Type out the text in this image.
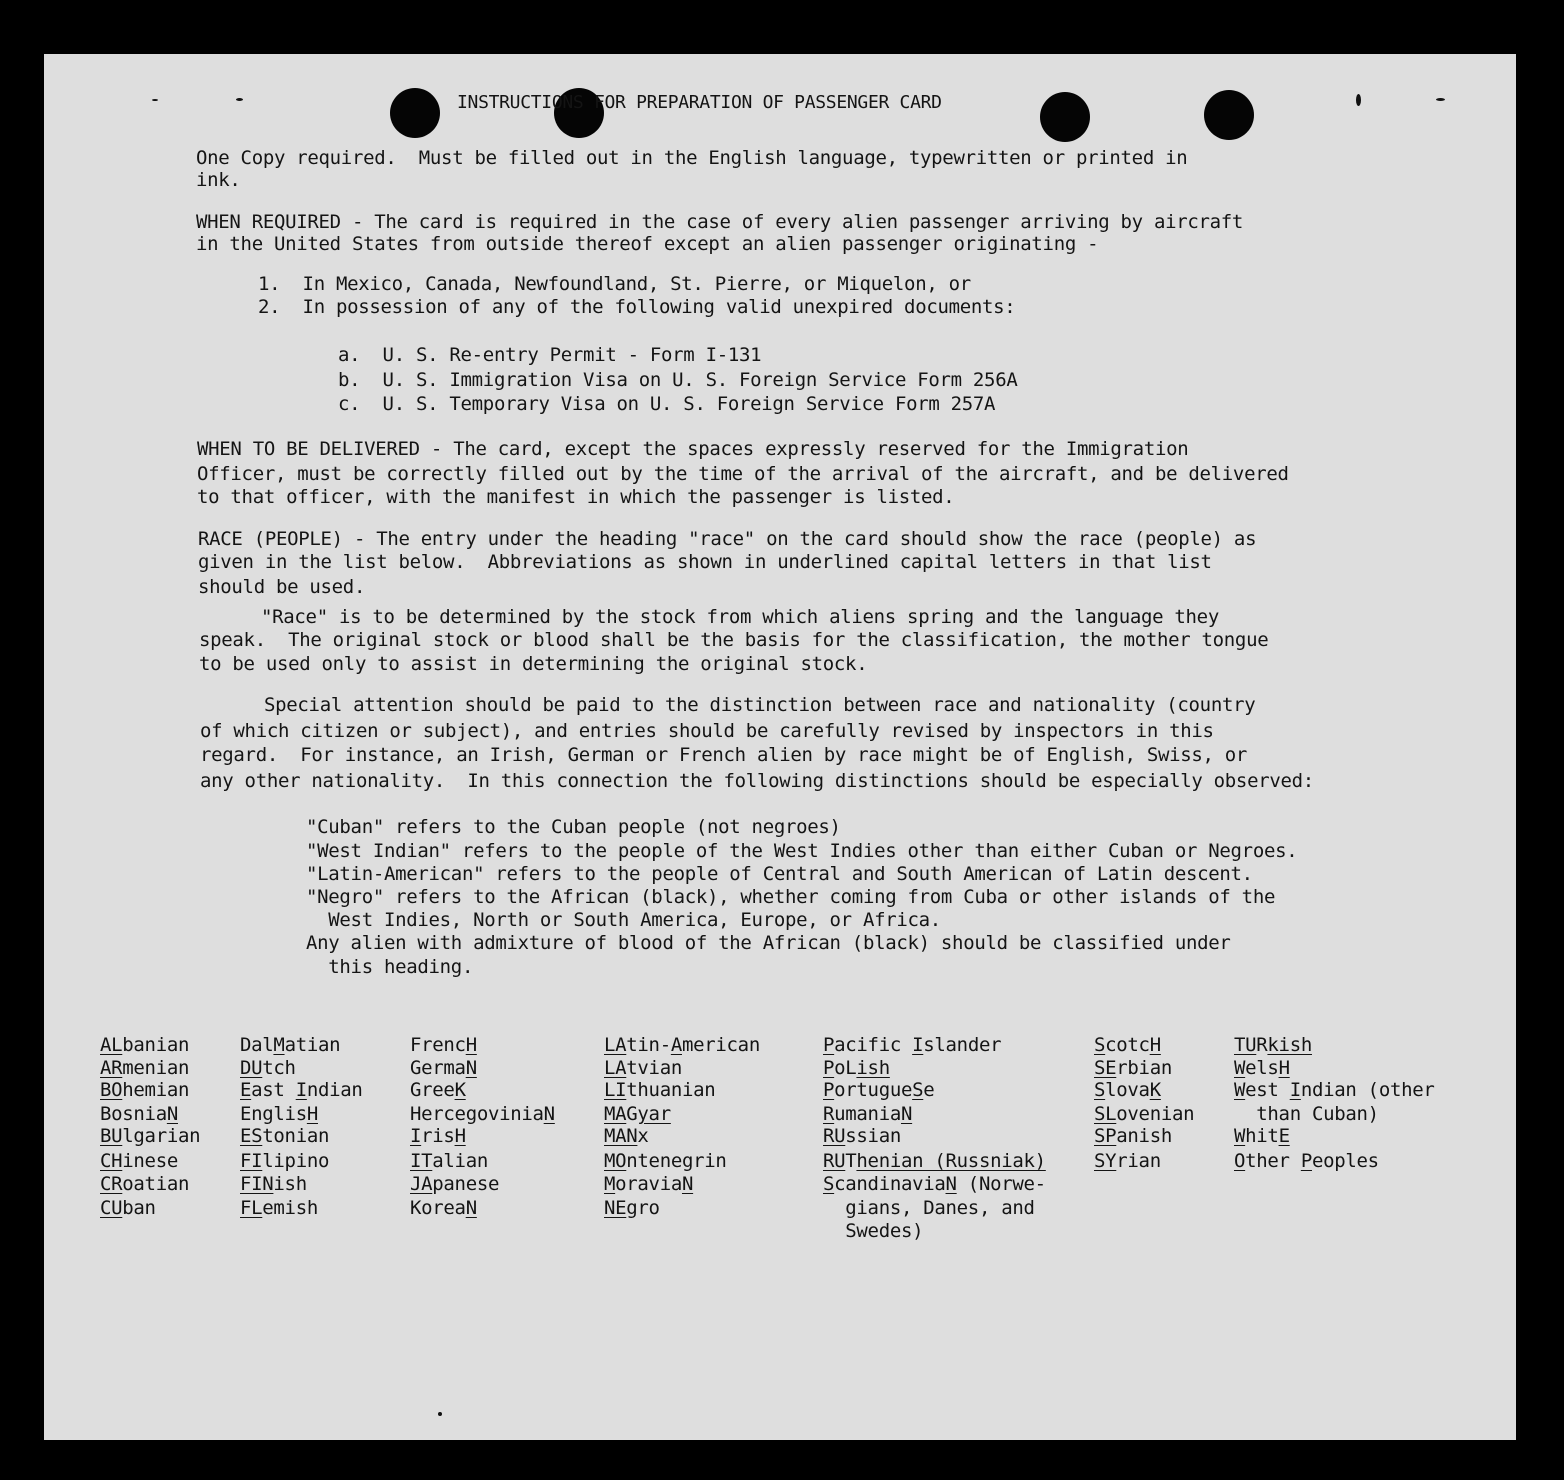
INSTRUCTIONS FOR PREPARATION OF PASSENGER CARD
One Copy required.  Must be filled out in the English language, typewritten or printed in
ink.
WHEN REQUIRED - The card is required in the case of every alien passenger arriving by aircraft
in the United States from outside thereof except an alien passenger originating -
1.  In Mexico, Canada, Newfoundland, St. Pierre, or Miquelon, or
2.  In possession of any of the following valid unexpired documents:
a.  U. S. Re-entry Permit - Form I-131
b.  U. S. Immigration Visa on U. S. Foreign Service Form 256A
c.  U. S. Temporary Visa on U. S. Foreign Service Form 257A
WHEN TO BE DELIVERED - The card, except the spaces expressly reserved for the Immigration
Officer, must be correctly filled out by the time of the arrival of the aircraft, and be delivered
to that officer, with the manifest in which the passenger is listed.
RACE (PEOPLE) - The entry under the heading "race" on the card should show the race (people) as
given in the list below.  Abbreviations as shown in underlined capital letters in that list
should be used.
"Race" is to be determined by the stock from which aliens spring and the language they
speak.  The original stock or blood shall be the basis for the classification, the mother tongue
to be used only to assist in determining the original stock.
Special attention should be paid to the distinction between race and nationality (country
of which citizen or subject), and entries should be carefully revised by inspectors in this
regard.  For instance, an Irish, German or French alien by race might be of English, Swiss, or
any other nationality.  In this connection the following distinctions should be especially observed:
"Cuban" refers to the Cuban people (not negroes)
"West Indian" refers to the people of the West Indies other than either Cuban or Negroes.
"Latin-American" refers to the people of Central and South American of Latin descent.
"Negro" refers to the African (black), whether coming from Cuba or other islands of the
West Indies, North or South America, Europe, or Africa.
Any alien with admixture of blood of the African (black) should be classified under
this heading.
ALbanian
ARmenian
BOhemian
BosniaN
BUlgarian
CHinese
CRoatian
CUban
DalMatian
DUtch
East Indian
EnglisH
EStonian
FIlipino
FINish
FLemish
FrencH
GermaN
GreeK
HercegoviniaN
IrisH
ITalian
JApanese
KoreaN
LAtin-American
LAtvian
LIthuanian
MAGyar
MANx
MOntenegrin
MoraviaN
NEgro
Pacific Islander
PoLish
PortugueSe
RumaniaN
RUssian
RUThenian (Russniak)
ScandinaviaN (Norwe-
gians, Danes, and
Swedes)
ScotcH
SErbian
SlovaK
SLovenian
SPanish
SYrian
TURkish
WelsH
West Indian (other
than Cuban)
WhitE
Other Peoples
